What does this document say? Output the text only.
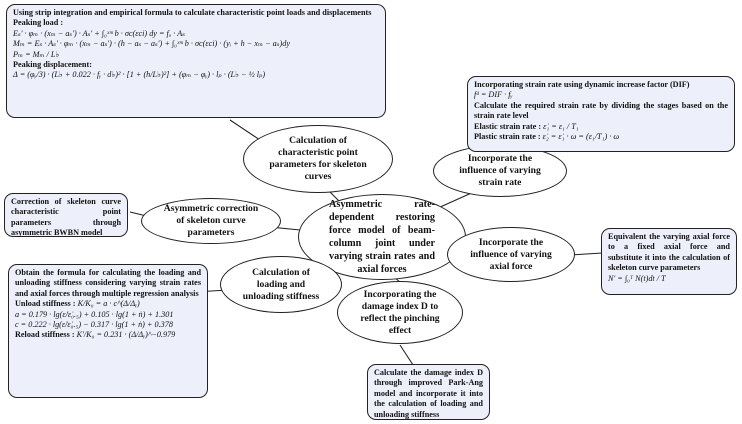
Asymmetric rate-dependent restoring force model of beam-column joint under varying strain rates and axial forces
Calculation of characteristic point parameters for skeleton curves
Incorporate the influence of varying strain rate
Incorporate the influence of varying axial force
Incorporating the damage index D to reflect the pinching effect
Calculation of loading and unloading stiffness
Asymmetric correction of skeleton curve parameters
Using strip integration and empirical formula to calculate characteristic point loads and displacements
Peaking load :
Eₛ' · φₘ · (xₘ − aₛ') · Aₛ' + ∫₀ˣᵐ b · σc(εci) dy = fᵤ · Aₛ
Mₘ = Eₛ · Aₛ' · φₘ · (xₘ − aₛ') · (h − aₛ − aₛ') + ∫₀ˣᵐ b · σc(εci) · (yᵢ + h − xₘ − aₛ)dy
Pₘ = Mₘ / L♭
Peaking displacement:
Δ = (φᵧ/3) · (L♭ + 0.022 · fᵧ · d♭)² · [1 + (h/L♭)²] + (φₘ − φᵧ) · lₚ · (L♭ − ½ lₚ)
Incorporating strain rate using dynamic increase factor (DIF)
fᵈ = DIF · fᵧ
Calculate the required strain rate by dividing the stages based on the strain rate level
Elastic strain rate : ε̇₁ = ε₁ / T₁
Plastic strain rate : ε̇₂ = ε̇₁ · ω = (ε₁/T₁) · ω
Equivalent the varying axial force to a fixed axial force and substitute it into the calculation of skeleton curve parameters
N' = ∫₀ᵀ N(t)dt / T
Calculate the damage index D through improved Park-Ang model and incorporate it into the calculation of loading and unloading stiffness
Obtain the formula for calculating the loading and unloading stiffness considering varying strain rates and axial forces through multiple regression analysis
Unload stiffness : K/K₀ = a · c^(Δ/Δᵧ)
a = 0.179 · lg(ε̇/ε̇₀.₅) + 0.105 · lg(1 + ṅ) + 1.301
c = 0.222 · lg(ε̇/ε̇₀.₅) − 0.317 · lg(1 + ṅ) + 0.378
Reload stiffness : K'/K₀ = 0.231 · (Δ/Δᵧ)^−0.979
Correction of skeleton curve characteristic point parameters through asymmetric BWBN model
